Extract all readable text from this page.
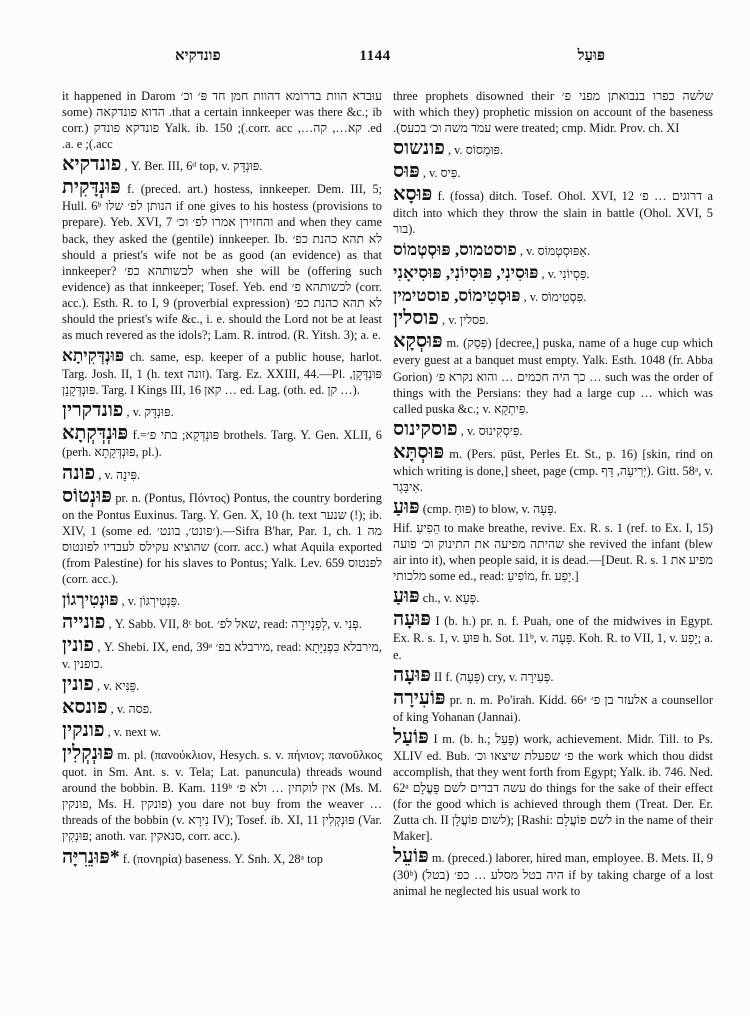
פונדקיא	1144	פּוּעַל

עוּבדא הוות בדרומא דהוות חמן חד פּ׳ וכ׳ it happened in Darom that a certain innkeeper was there &c.; ib. הדוא פונדקאה (some ed. קא…, קה…, corr. acc.); Yalk. ib. 150 פונדקא פונדק (corr. acc.); a. e.

פונדקיא , Y. Ber. III, 6ᵈ top, v. פּוּנְדָּק.

פּוּנְדָּקִית f. (preced. art.) hostess, innkeeper. Dem. III, 5; Hull. 6ᵇ הנותן לפ׳ שלו if one gives to his hostess (provisions to prepare). Yeb. XVI, 7 והחזירן אמרו לפ׳ וכ׳ and when they came back, they asked the (gentile) innkeeper. Ib. לא תהא כהנת כפ׳ should a priest's wife not be as good (an evidence) as that innkeeper? לכשותהא כפ׳ when she will be (offering such evidence) as that innkeeper; Tosef. Yeb. end לכשותהא פ׳ (corr. acc.). Esth. R. to I, 9 (proverbial expression) לא תהא כהנת כפ׳ should the priest's wife &c., i. e. should the Lord not be at least as much revered as the idols?; Lam. R. introd. (R. Yitsh. 3); a. e.

פּוּנְדְּקִיתָא ch. same, esp. keeper of a public house, harlot. Targ. Josh. II, 1 (h. text זונה). Targ. Ez. XXIII, 44.—Pl. פּוּנְדְּקָן, פּוּנְדְּקָנָן. Targ. I Kings III, 16 קאן … ed. Lag. (oth. ed. קן …).

פונדקרין , v. פּוּנְדָּק.

פּוּנְדְּקְתָא f.=פּוּנְדְּקָא; בתי פ׳ brothels. Targ. Y. Gen. XLII, 6 (perh. פּוּנְדְּקָתָא, pl.).

פונה , v. פִּינָה.

פּוּנְטוֹס pr. n. (Pontus, Πόντος) Pontus, the country bordering on the Pontus Euxinus. Targ. Y. Gen. X, 10 (h. text שנער (!); ib. XIV, 1 (some ed. ׳פונט׳, בונט׳).—Sifra B'har, Par. 1, ch. 1 מה שהוציא עקילס לעבדיו לפונטוס (corr. acc.) what Aquila exported (from Palestine) for his slaves to Pontus; Yalk. Lev. 659 לפנטוס (corr. acc.).

פּוּנְטִירְגוֹן , v. פַּנְטִירְגּוֹן.

פונייה , Y. Sabb. VII, 8ᶜ bot. שאל לפ׳, read: לְפַנְיִירָה, v. פְּנִי.

פונין , Y. Shebi. IX, end, 39ᵃ מירבלא בפ׳, read: מירבלא כִּפְנִיָּתָא, v. כופנין.

פונין , v. פֵּנִּיא.

פונסא , v. פסה.

פונקין , v. next w.

פּוּנְקְלִין m. pl. (πανούκλιον, Hesych. s. v. πήνιον; πανοῦλκος quot. in Sm. Ant. s. v. Tela; Lat. panuncula) threads wound around the bobbin. B. Kam. 119ᵇ אין לוקחין … ולא פ׳ (Ms. M. פונקין, Ms. H. פונקין) you dare not buy from the weaver … threads of the bobbin (v. נִירָא IV); Tosef. ib. XI, 11 פּוּנְקְלִין (Var. פּוּנְקִין; anoth. var. סנאקין, corr. acc.).

*פּוּנֵרִיָּה f. (πονηρία) baseness. Y. Snh. X, 28ᵃ top

שלשה כפרו בנבואתן מפני פ׳ three prophets disowned their prophetic mission on account of the baseness (with which they were treated; cmp. Midr. Prov. ch. XI עמד משה וכ׳ בכעס).

פונשוס , v. פּוּמְסוֹס.

פּוּס , v. פִּיס.

פּוּסָא f. (fossa) ditch. Tosef. Ohol. XVI, 12 דרוגים … פ׳ a ditch into which they throw the slain in battle (Ohol. XVI, 5 בור).

פוסטמוס, פּוּסְטְמוֹס , v. אַפּוּסְטְמוֹס.

פּוּסִינִי, פּוּסִיוֹנִי, פּוּסִיאָנִי , v. פַּסְיוֹנִי.

פּוּסְטִימוֹס, פוסטימין , v. פִּסְטִימוֹס.

פוסלין , v. פסלין.

פּוּסְקָא m. (פְּסַק) [decree,] puska, name of a huge cup which every guest at a banquet must empty. Yalk. Esth. 1048 (fr. Abba Gorion) כך היה חכמים … והוא נקרא פ׳ … such was the order of things with the Persians: they had a large cup … which was called puska &c.; v. פִּיתְקָא.

פוסקינוס , v. פִּיסְקִינוּס.

פּוּסְתָּא m. (Pers. pūst, Perles Et. St., p. 16) [skin, rind on which writing is done,] sheet, page (cmp. יְרִיעָה, דַּף). Gitt. 58ᵃ, v. אִיבָּגְר.

פּוּעַ (cmp. פּוּחַ) to blow, v. פָּעָה.

Hif. הֵפִיעַ to make breathe, revive. Ex. R. s. 1 (ref. to Ex. I, 15) שהיתה מפיעה את התינוק וכ׳ פועה she revived the infant (blew air into it), when people said, it is dead.—[Deut. R. s. 1 מפיע את מלכותי some ed., read: מוֹפִיעַ, fr. יָפַע.]

פּוּעַ ch., v. פְּעָא.

פּוּעָה I (b. h.) pr. n. f. Puah, one of the midwives in Egypt. Ex. R. s. 1, v. פּוּעַ h. Sot. 11ᵇ, v. פָּעָה. Koh. R. to VII, 1, v. יָפַע; a. e.

פּוּעָה II f. (פְּעָה) cry, v. פְּעִירָה.

פּוֹעִירָה pr. n. m. Po'irah. Kidd. 66ᵃ אלעזר בן פ׳ a counsellor of king Yohanan (Jannai).

פּוֹעַל I m. (b. h.; פָּעַל) work, achievement. Midr. Till. to Ps. XLIV ed. Bub. פ׳ שפעלת שיצאו וכ׳ the work which thou didst accomplish, that they went forth from Egypt; Yalk. ib. 746. Ned. 62ᵃ עשה דברים לשם פָּעֳלָם do things for the sake of their effect (for the good which is achieved through them (Treat. Der. Er. Zutta ch. II לשום פוֹעֲלָן); [Rashi: לשם פּוֹעֲלָם in the name of their Maker].

פּוֹעֵל m. (preced.) laborer, hired man, employee. B. Mets. II, 9 (30ᵇ) היה בטל מסלע … כפ׳ (בטל) if by taking charge of a lost animal he neglected his usual work to
